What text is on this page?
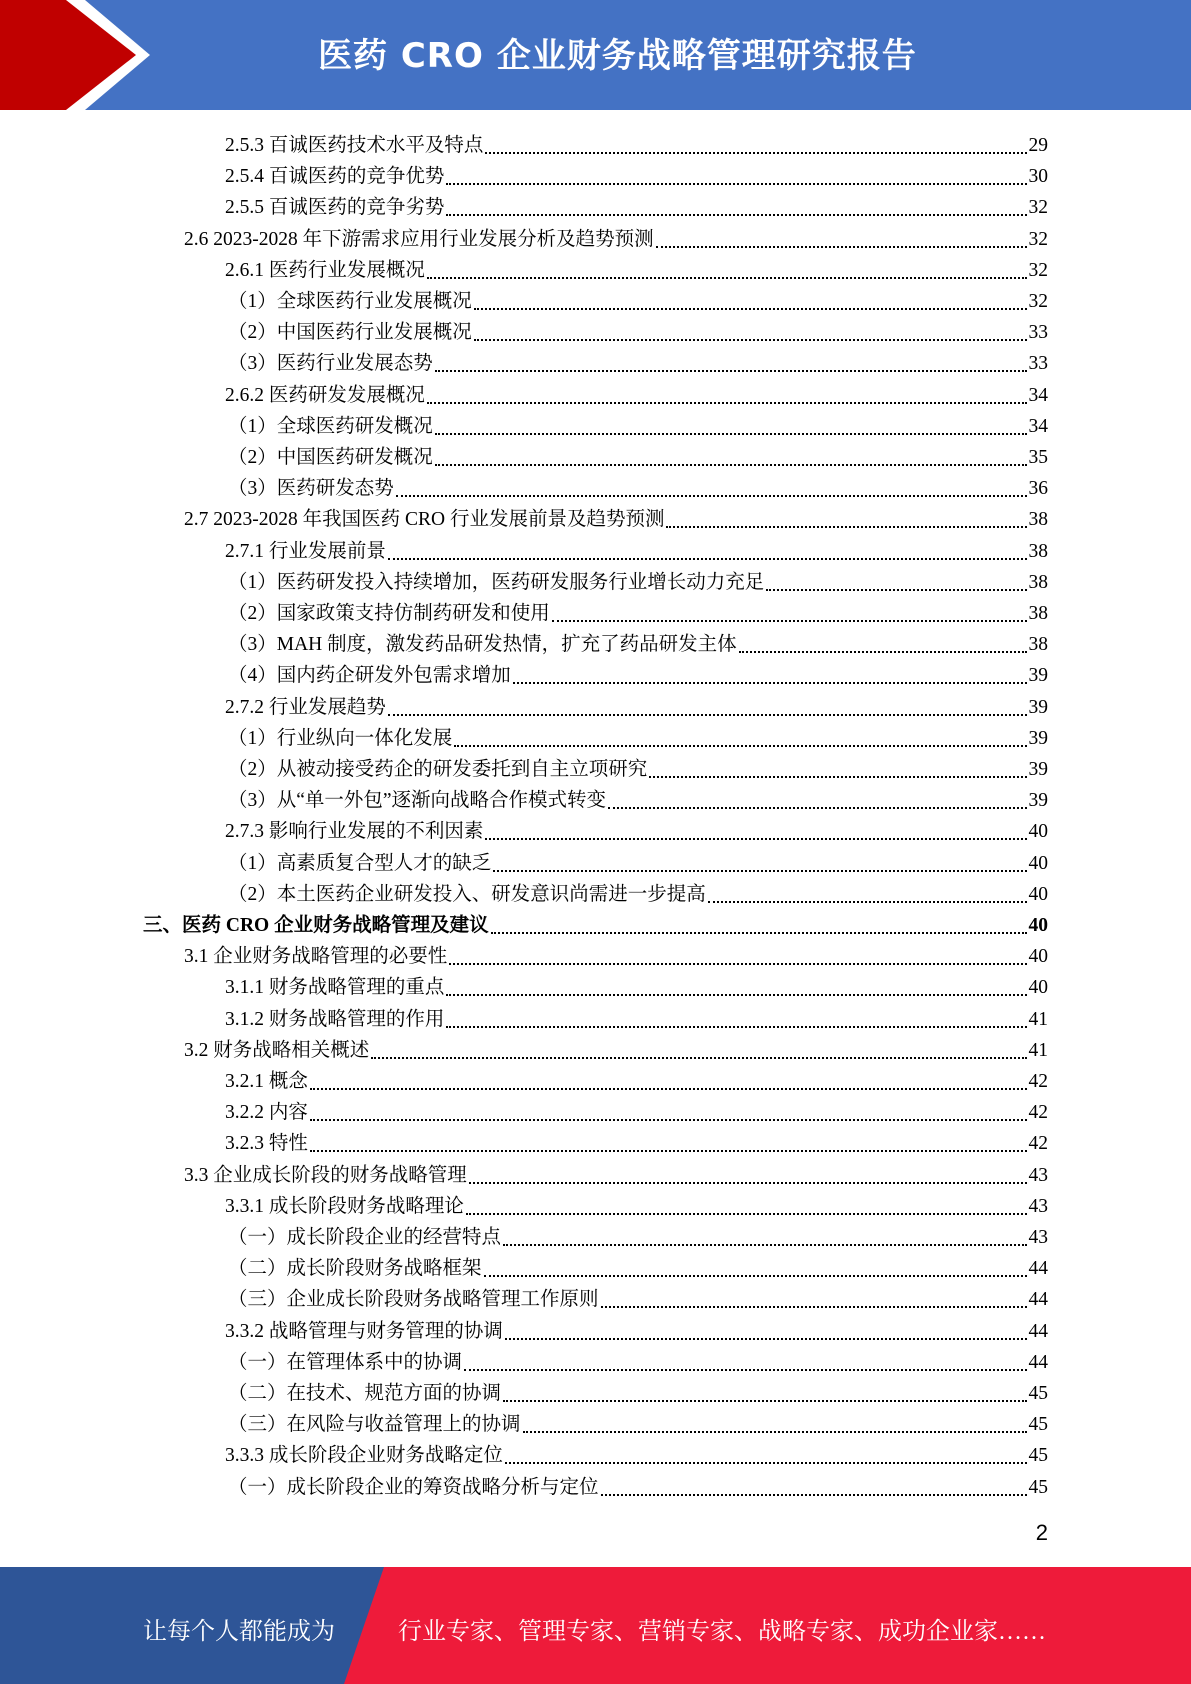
医药 CRO 企业财务战略管理研究报告
2.5.3 百诚医药技术水平及特点	29
2.5.4 百诚医药的竞争优势	30
2.5.5 百诚医药的竞争劣势	32
2.6 2023-2028 年下游需求应用行业发展分析及趋势预测	32
2.6.1 医药行业发展概况	32
（1）全球医药行业发展概况	32
（2）中国医药行业发展概况	33
（3）医药行业发展态势	33
2.6.2 医药研发发展概况	34
（1）全球医药研发概况	34
（2）中国医药研发概况	35
（3）医药研发态势	36
2.7 2023-2028 年我国医药 CRO 行业发展前景及趋势预测	38
2.7.1 行业发展前景	38
（1）医药研发投入持续增加，医药研发服务行业增长动力充足	38
（2）国家政策支持仿制药研发和使用	38
（3）MAH 制度，激发药品研发热情，扩充了药品研发主体	38
（4）国内药企研发外包需求增加	39
2.7.2 行业发展趋势	39
（1）行业纵向一体化发展	39
（2）从被动接受药企的研发委托到自主立项研究	39
（3）从“单一外包”逐渐向战略合作模式转变	39
2.7.3 影响行业发展的不利因素	40
（1）高素质复合型人才的缺乏	40
（2）本土医药企业研发投入、研发意识尚需进一步提高	40
三、医药 CRO 企业财务战略管理及建议	40
3.1 企业财务战略管理的必要性	40
3.1.1 财务战略管理的重点	40
3.1.2 财务战略管理的作用	41
3.2 财务战略相关概述	41
3.2.1 概念	42
3.2.2 内容	42
3.2.3 特性	42
3.3 企业成长阶段的财务战略管理	43
3.3.1 成长阶段财务战略理论	43
（一）成长阶段企业的经营特点	43
（二）成长阶段财务战略框架	44
（三）企业成长阶段财务战略管理工作原则	44
3.3.2 战略管理与财务管理的协调	44
（一）在管理体系中的协调	44
（二）在技术、规范方面的协调	45
（三）在风险与收益管理上的协调	45
3.3.3 成长阶段企业财务战略定位	45
（一）成长阶段企业的筹资战略分析与定位	45
2
让每个人都能成为	行业专家、管理专家、营销专家、战略专家、成功企业家……
